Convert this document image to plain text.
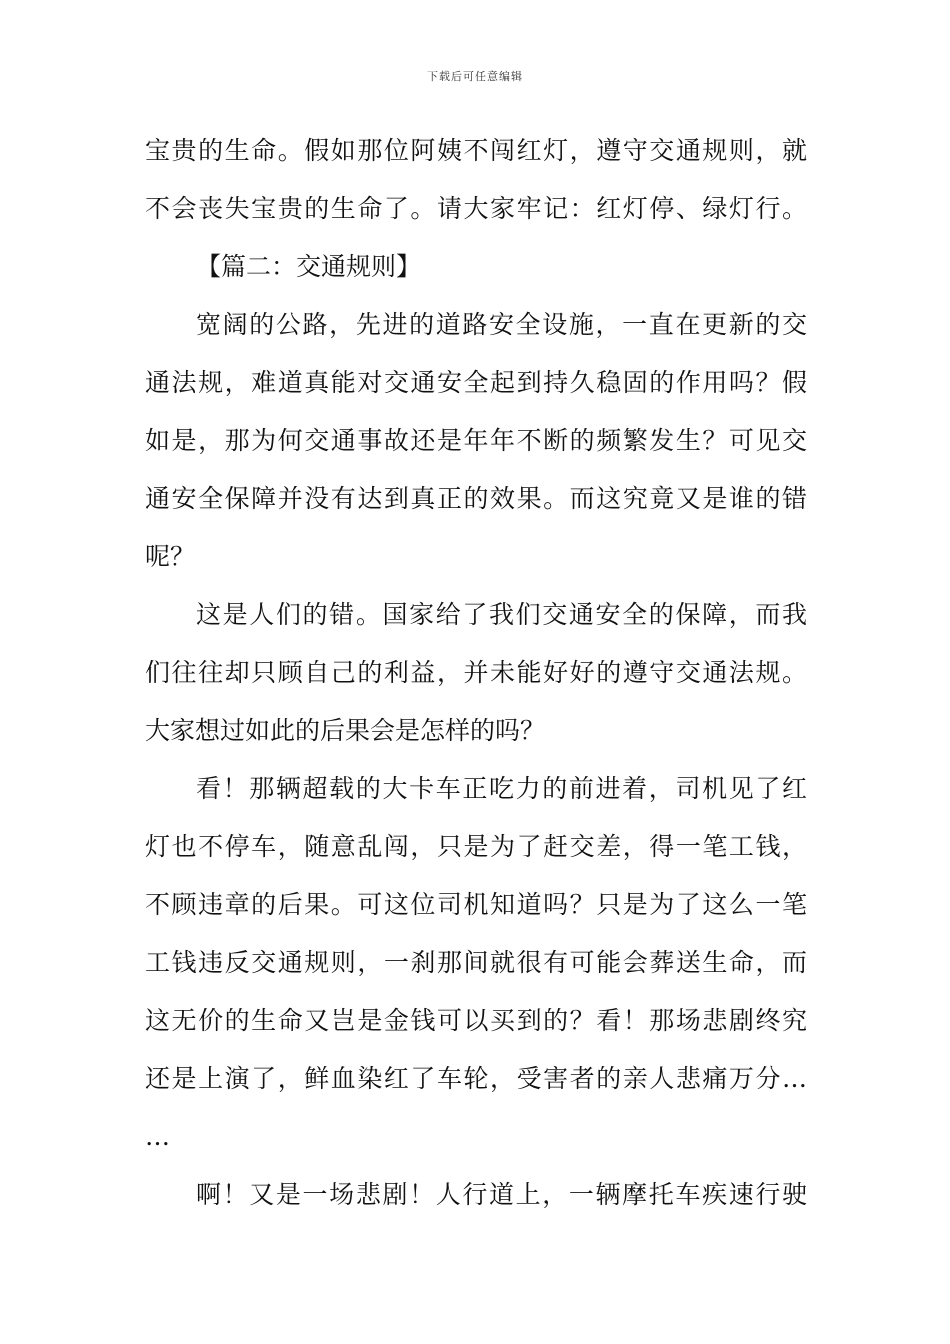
下载后可任意编辑
宝贵的生命。假如那位阿姨不闯红灯，遵守交通规则，就
不会丧失宝贵的生命了。请大家牢记：红灯停、绿灯行。
【篇二：交通规则】
宽阔的公路，先进的道路安全设施，一直在更新的交
通法规，难道真能对交通安全起到持久稳固的作用吗？假
如是，那为何交通事故还是年年不断的频繁发生？可见交
通安全保障并没有达到真正的效果。而这究竟又是谁的错
呢？
这是人们的错。国家给了我们交通安全的保障，而我
们往往却只顾自己的利益，并未能好好的遵守交通法规。
大家想过如此的后果会是怎样的吗？
看！那辆超载的大卡车正吃力的前进着，司机见了红
灯也不停车，随意乱闯，只是为了赶交差，得一笔工钱，
不顾违章的后果。可这位司机知道吗？只是为了这么一笔
工钱违反交通规则，一刹那间就很有可能会葬送生命，而
这无价的生命又岂是金钱可以买到的？看！那场悲剧终究
还是上演了，鲜血染红了车轮，受害者的亲人悲痛万分…
…
啊！又是一场悲剧！人行道上，一辆摩托车疾速行驶
